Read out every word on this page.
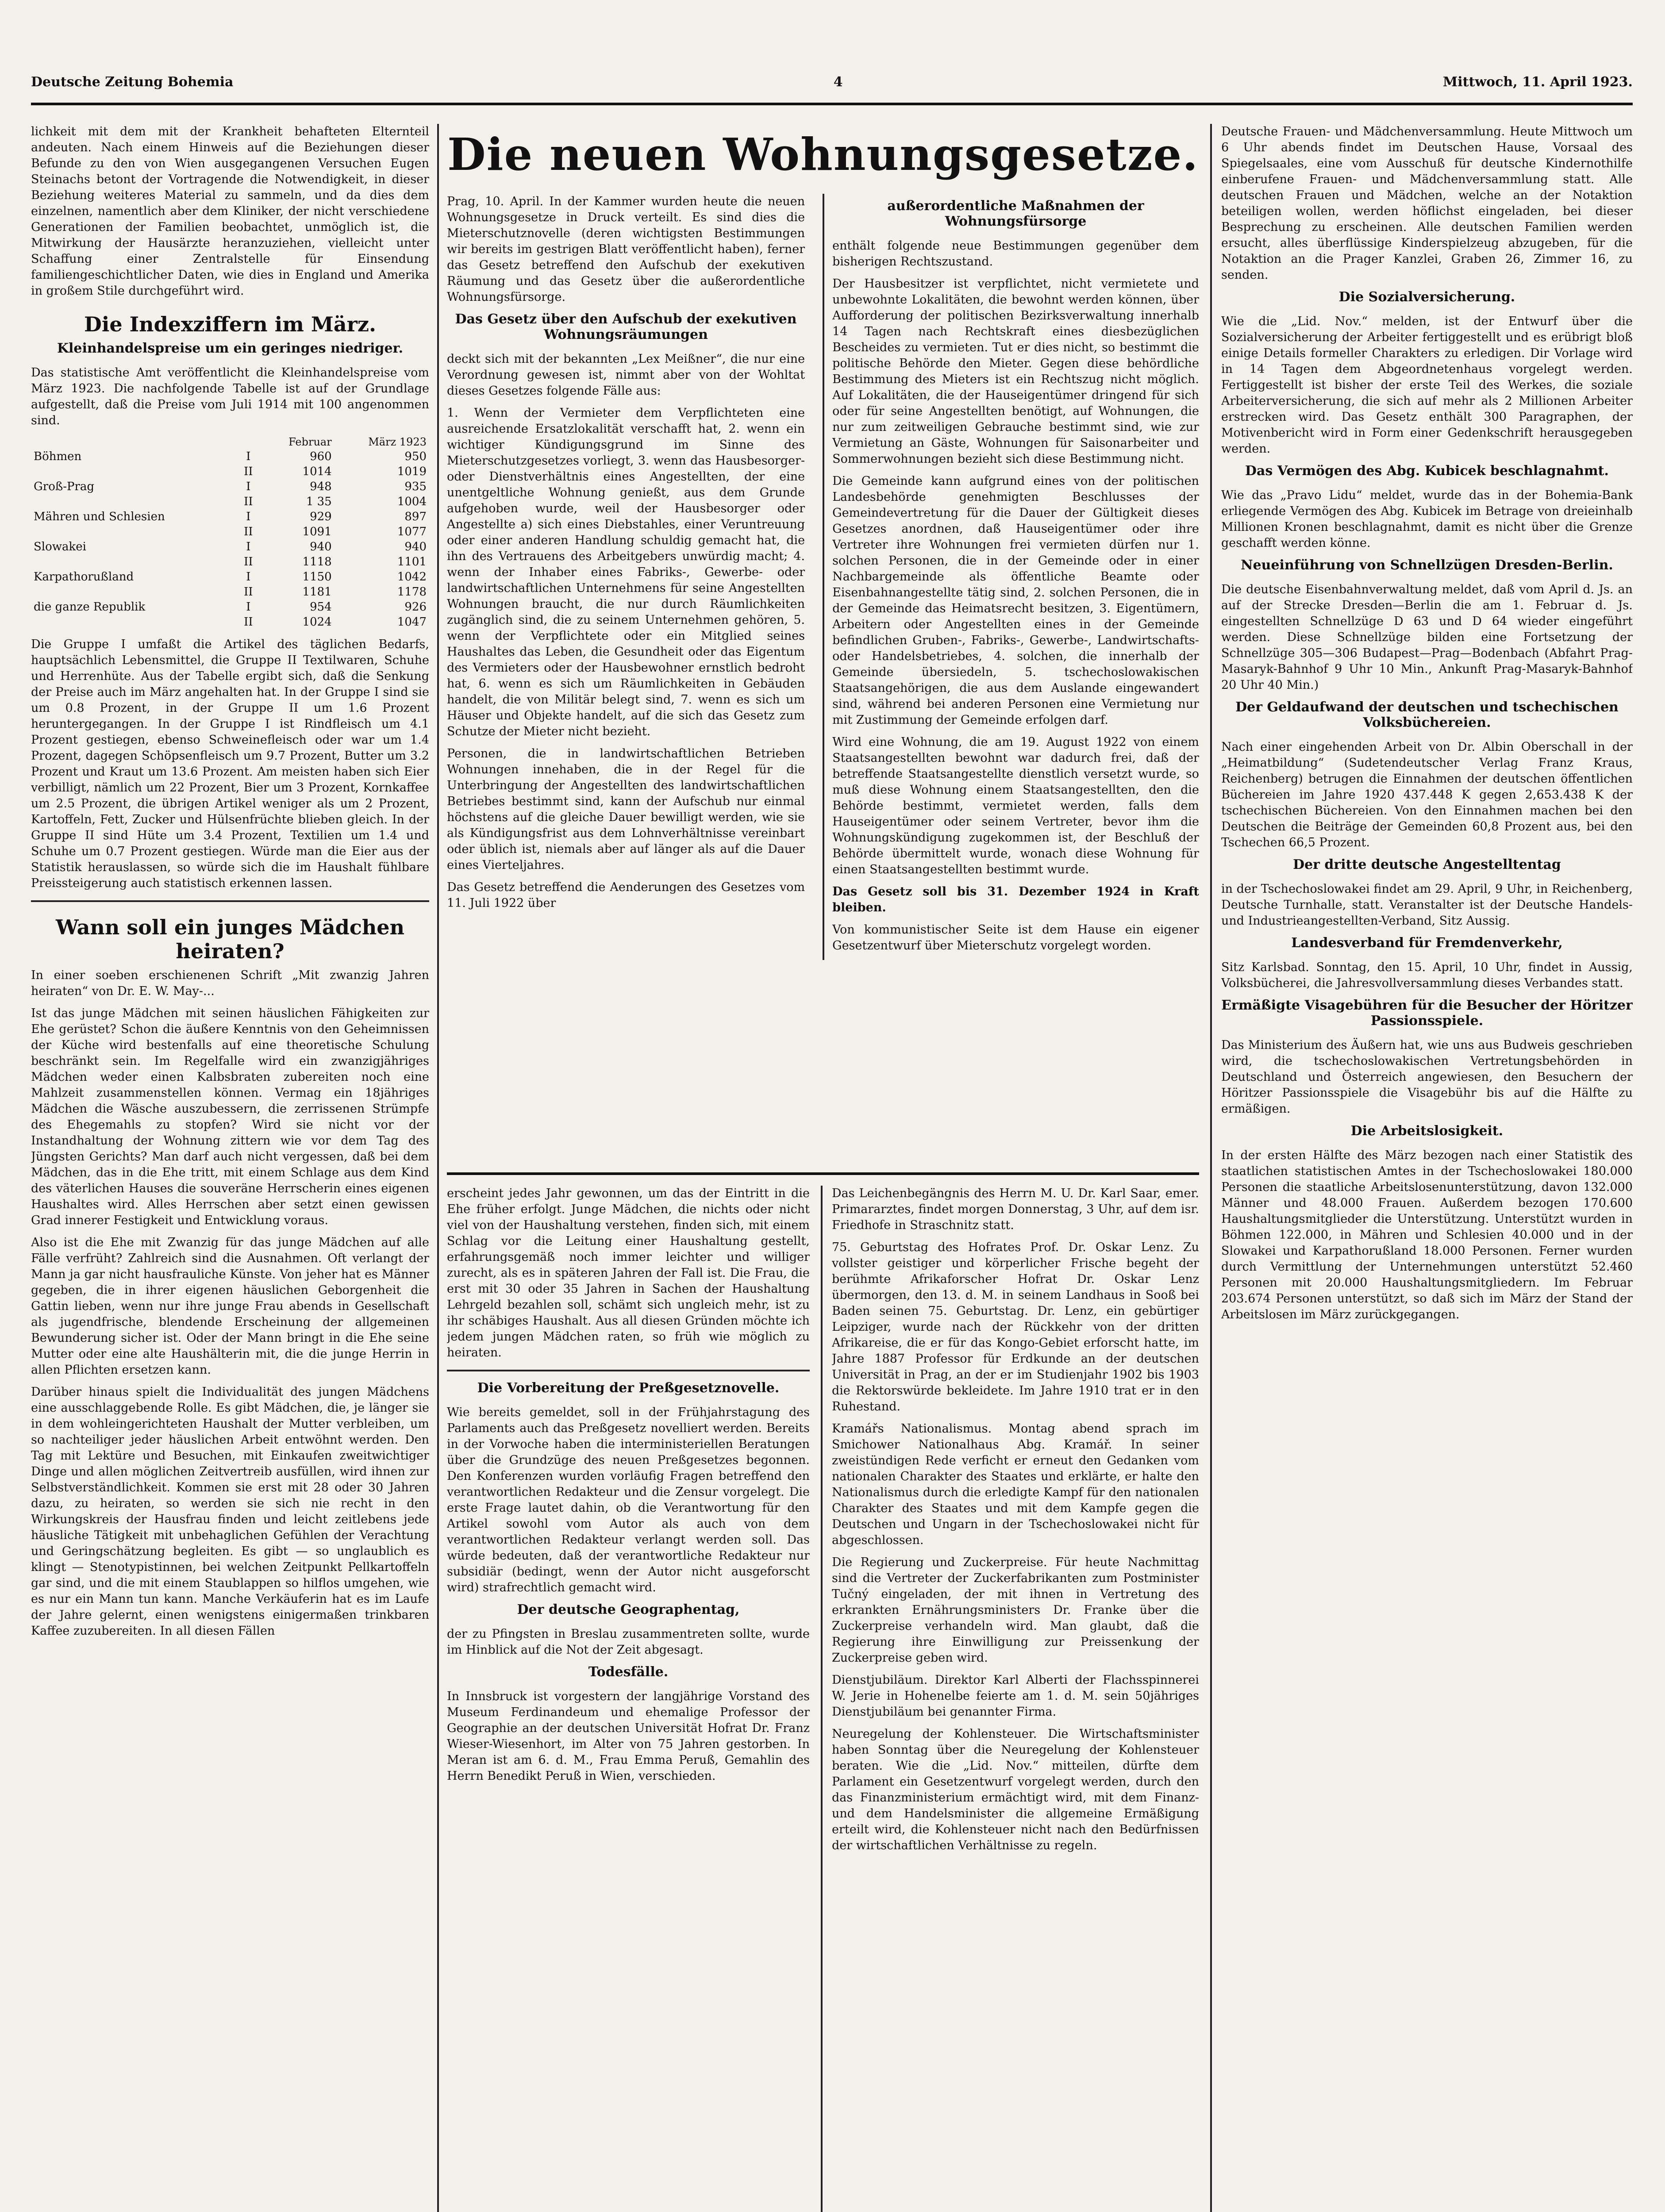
Deutsche Zeitung Bohemia	4	Mittwoch, 11. April 1923.

lichkeit mit dem mit der Krankheit behafteten Elternteil andeuten. Nach einem Hinweis auf die Beziehungen dieser Befunde zu den von Wien ausgegangenen Versuchen Eugen Steinachs betont der Vortragende die Notwendigkeit, in dieser Beziehung weiteres Material zu sammeln, und da dies dem einzelnen, namentlich aber dem Kliniker, der nicht verschiedene Generationen der Familien beobachtet, unmöglich ist, die Mitwirkung der Hausärzte heranzuziehen, vielleicht unter Schaffung einer Zentralstelle für Einsendung familiengeschichtlicher Daten, wie dies in England und Amerika in großem Stile durchgeführt wird.

Die Indexziffern im März.
Kleinhandelspreise um ein geringes niedriger.

Das statistische Amt veröffentlicht die Kleinhandelspreise vom März 1923. Die nachfolgende Tabelle ist auf der Grundlage aufgestellt, daß die Preise vom Juli 1914 mit 100 angenommen sind.

		Februar	März 1923
Böhmen	I	960	950
	II	1014	1019
Groß-Prag	I	948	935
	II	1 35	1004
Mähren und Schlesien	I	929	897
	II	1091	1077
Slowakei	I	940	940
	II	1118	1101
Karpathorußland	I	1150	1042
	II	1181	1178
die ganze Republik	I	954	926
	II	1024	1047

Die Gruppe I umfaßt die Artikel des täglichen Bedarfs, hauptsächlich Lebensmittel, die Gruppe II Textilwaren, Schuhe und Herrenhüte. Aus der Tabelle ergibt sich, daß die Senkung der Preise auch im März angehalten hat. In der Gruppe I sind sie um 0.8 Prozent, in der Gruppe II um 1.6 Prozent heruntergegangen. In der Gruppe I ist Rindfleisch um 4.1 Prozent gestiegen, ebenso Schweinefleisch oder war um 1.4 Prozent, dagegen Schöpsenfleisch um 9.7 Prozent, Butter um 3.2 Prozent und Kraut um 13.6 Prozent. Am meisten haben sich Eier verbilligt, nämlich um 22 Prozent, Bier um 3 Prozent, Kornkaffee um 2.5 Prozent, die übrigen Artikel weniger als um 2 Prozent, Kartoffeln, Fett, Zucker und Hülsenfrüchte blieben gleich. In der Gruppe II sind Hüte um 3.4 Prozent, Textilien um 1.4 und Schuhe um 0.7 Prozent gestiegen. Würde man die Eier aus der Statistik herauslassen, so würde sich die im Haushalt fühlbare Preissteigerung auch statistisch erkennen lassen.

Wann soll ein junges Mädchen heiraten?

In einer soeben erschienenen Schrift „Mit zwanzig Jahren heiraten“ von Dr. E. W. May-...

Ist das junge Mädchen mit seinen häuslichen Fähigkeiten zur Ehe gerüstet? Schon die äußere Kenntnis von den Geheimnissen der Küche wird bestenfalls auf eine theoretische Schulung beschränkt sein. Im Regelfalle wird ein zwanzigjähriges Mädchen weder einen Kalbsbraten zubereiten noch eine Mahlzeit zusammenstellen können. Vermag ein 18jähriges Mädchen die Wäsche auszubessern, die zerrissenen Strümpfe des Ehegemahls zu stopfen? Wird sie nicht vor der Instandhaltung der Wohnung zittern wie vor dem Tag des Jüngsten Gerichts? Man darf auch nicht vergessen, daß bei dem Mädchen, das in die Ehe tritt, mit einem Schlage aus dem Kind des väterlichen Hauses die souveräne Herrscherin eines eigenen Haushaltes wird. Alles Herrschen aber setzt einen gewissen Grad innerer Festigkeit und Entwicklung voraus.

Also ist die Ehe mit Zwanzig für das junge Mädchen auf alle Fälle verfrüht? Zahlreich sind die Ausnahmen. Oft verlangt der Mann ja gar nicht hausfrauliche Künste. Von jeher hat es Männer gegeben, die in ihrer eigenen häuslichen Geborgenheit die Gattin lieben, wenn nur ihre junge Frau abends in Gesellschaft als jugendfrische, blendende Erscheinung der allgemeinen Bewunderung sicher ist. Oder der Mann bringt in die Ehe seine Mutter oder eine alte Haushälterin mit, die die junge Herrin in allen Pflichten ersetzen kann.

Darüber hinaus spielt die Individualität des jungen Mädchens eine ausschlaggebende Rolle. Es gibt Mädchen, die, je länger sie in dem wohleingerichteten Haushalt der Mutter verbleiben, um so nachteiliger jeder häuslichen Arbeit entwöhnt werden. Den Tag mit Lektüre und Besuchen, mit Einkaufen zweitwichtiger Dinge und allen möglichen Zeitvertreib ausfüllen, wird ihnen zur Selbstverständlichkeit. Kommen sie erst mit 28 oder 30 Jahren dazu, zu heiraten, so werden sie sich nie recht in den Wirkungskreis der Hausfrau finden und leicht zeitlebens jede häusliche Tätigkeit mit unbehaglichen Gefühlen der Verachtung und Geringschätzung begleiten. Es gibt — so unglaublich es klingt — Stenotypistinnen, bei welchen Zeitpunkt Pellkartoffeln gar sind, und die mit einem Staublappen so hilflos umgehen, wie es nur ein Mann tun kann. Manche Verkäuferin hat es im Laufe der Jahre gelernt, einen wenigstens einigermaßen trinkbaren Kaffee zuzubereiten. In all diesen Fällen

Die neuen Wohnungsgesetze.

Prag, 10. April. In der Kammer wurden heute die neuen Wohnungsgesetze in Druck verteilt. Es sind dies die Mieterschutznovelle (deren wichtigsten Bestimmungen wir bereits im gestrigen Blatt veröffentlicht haben), ferner das Gesetz betreffend den Aufschub der exekutiven Räumung und das Gesetz über die außerordentliche Wohnungsfürsorge.

Das Gesetz über den Aufschub der exekutiven Wohnungsräumungen

deckt sich mit der bekannten „Lex Meißner“, die nur eine Verordnung gewesen ist, nimmt aber von der Wohltat dieses Gesetzes folgende Fälle aus:

1. Wenn der Vermieter dem Verpflichteten eine ausreichende Ersatzlokalität verschafft hat, 2. wenn ein wichtiger Kündigungsgrund im Sinne des Mieterschutzgesetzes vorliegt, 3. wenn das Hausbesorger- oder Dienstverhältnis eines Angestellten, der eine unentgeltliche Wohnung genießt, aus dem Grunde aufgehoben wurde, weil der Hausbesorger oder Angestellte a) sich eines Diebstahles, einer Veruntreuung oder einer anderen Handlung schuldig gemacht hat, die ihn des Vertrauens des Arbeitgebers unwürdig macht; 4. wenn der Inhaber eines Fabriks-, Gewerbe- oder landwirtschaftlichen Unternehmens für seine Angestellten Wohnungen braucht, die nur durch Räumlichkeiten zugänglich sind, die zu seinem Unternehmen gehören, 5. wenn der Verpflichtete oder ein Mitglied seines Haushaltes das Leben, die Gesundheit oder das Eigentum des Vermieters oder der Hausbewohner ernstlich bedroht hat, 6. wenn es sich um Räumlichkeiten in Gebäuden handelt, die von Militär belegt sind, 7. wenn es sich um Häuser und Objekte handelt, auf die sich das Gesetz zum Schutze der Mieter nicht bezieht.

Personen, die in landwirtschaftlichen Betrieben Wohnungen innehaben, die in der Regel für die Unterbringung der Angestellten des landwirtschaftlichen Betriebes bestimmt sind, kann der Aufschub nur einmal höchstens auf die gleiche Dauer bewilligt werden, wie sie als Kündigungsfrist aus dem Lohnverhältnisse vereinbart oder üblich ist, niemals aber auf länger als auf die Dauer eines Vierteljahres.

Das Gesetz betreffend die Aenderungen des Gesetzes vom 11. Juli 1922 über

außerordentliche Maßnahmen der Wohnungsfürsorge

enthält folgende neue Bestimmungen gegenüber dem bisherigen Rechtszustand.

Der Hausbesitzer ist verpflichtet, nicht vermietete und unbewohnte Lokalitäten, die bewohnt werden können, über Aufforderung der politischen Bezirksverwaltung innerhalb 14 Tagen nach Rechtskraft eines diesbezüglichen Bescheides zu vermieten. Tut er dies nicht, so bestimmt die politische Behörde den Mieter. Gegen diese behördliche Bestimmung des Mieters ist ein Rechtszug nicht möglich. Auf Lokalitäten, die der Hauseigentümer dringend für sich oder für seine Angestellten benötigt, auf Wohnungen, die nur zum zeitweiligen Gebrauche bestimmt sind, wie zur Vermietung an Gäste, Wohnungen für Saisonarbeiter und Sommerwohnungen bezieht sich diese Bestimmung nicht.

Die Gemeinde kann aufgrund eines von der politischen Landesbehörde genehmigten Beschlusses der Gemeindevertretung für die Dauer der Gültigkeit dieses Gesetzes anordnen, daß Hauseigentümer oder ihre Vertreter ihre Wohnungen frei vermieten dürfen nur 1. solchen Personen, die in der Gemeinde oder in einer Nachbargemeinde als öffentliche Beamte oder Eisenbahnangestellte tätig sind, 2. solchen Personen, die in der Gemeinde das Heimatsrecht besitzen, 3. Eigentümern, Arbeitern oder Angestellten eines in der Gemeinde befindlichen Gruben-, Fabriks-, Gewerbe-, Landwirtschafts- oder Handelsbetriebes, 4. solchen, die innerhalb der Gemeinde übersiedeln, 5. tschechoslowakischen Staatsangehörigen, die aus dem Auslande eingewandert sind, während bei anderen Personen eine Vermietung nur mit Zustimmung der Gemeinde erfolgen darf.

Wird eine Wohnung, die am 19. August 1922 von einem Staatsangestellten bewohnt war dadurch frei, daß der betreffende Staatsangestellte dienstlich versetzt wurde, so muß diese Wohnung einem Staatsangestellten, den die Behörde bestimmt, vermietet werden, falls dem Hauseigentümer oder seinem Vertreter, bevor ihm die Wohnungskündigung zugekommen ist, der Beschluß der Behörde übermittelt wurde, wonach diese Wohnung für einen Staatsangestellten bestimmt wurde.

Das Gesetz soll bis 31. Dezember 1924 in Kraft bleiben.

Von kommunistischer Seite ist dem Hause ein eigener Gesetzentwurf über Mieterschutz vorgelegt worden.

erscheint jedes Jahr gewonnen, um das der Eintritt in die Ehe früher erfolgt. Junge Mädchen, die nichts oder nicht viel von der Haushaltung verstehen, finden sich, mit einem Schlag vor die Leitung einer Haushaltung gestellt, erfahrungsgemäß noch immer leichter und williger zurecht, als es in späteren Jahren der Fall ist. Die Frau, die erst mit 30 oder 35 Jahren in Sachen der Haushaltung Lehrgeld bezahlen soll, schämt sich ungleich mehr, ist zu ihr schäbiges Haushalt. Aus all diesen Gründen möchte ich jedem jungen Mädchen raten, so früh wie möglich zu heiraten.

Die Vorbereitung der Preßgesetznovelle.

Wie bereits gemeldet, soll in der Frühjahrstagung des Parlaments auch das Preßgesetz novelliert werden. Bereits in der Vorwoche haben die interministeriellen Beratungen über die Grundzüge des neuen Preßgesetzes begonnen. Den Konferenzen wurden vorläufig Fragen betreffend den verantwortlichen Redakteur und die Zensur vorgelegt. Die erste Frage lautet dahin, ob die Verantwortung für den Artikel sowohl vom Autor als auch von dem verantwortlichen Redakteur verlangt werden soll. Das würde bedeuten, daß der verantwortliche Redakteur nur subsidiär (bedingt, wenn der Autor nicht ausgeforscht wird) strafrechtlich gemacht wird.

Der deutsche Geographentag,

der zu Pfingsten in Breslau zusammentreten sollte, wurde im Hinblick auf die Not der Zeit abgesagt.

Todesfälle.

In Innsbruck ist vorgestern der langjährige Vorstand des Museum Ferdinandeum und ehemalige Professor der Geographie an der deutschen Universität Hofrat Dr. Franz Wieser-Wiesenhort, im Alter von 75 Jahren gestorben. In Meran ist am 6. d. M., Frau Emma Peruß, Gemahlin des Herrn Benedikt Peruß in Wien, verschieden.

Das Leichenbegängnis des Herrn M. U. Dr. Karl Saar, emer. Primararztes, findet morgen Donnerstag, 3 Uhr, auf dem isr. Friedhofe in Straschnitz statt.

75. Geburtstag des Hofrates Prof. Dr. Oskar Lenz. Zu vollster geistiger und körperlicher Frische begeht der berühmte Afrikaforscher Hofrat Dr. Oskar Lenz übermorgen, den 13. d. M. in seinem Landhaus in Sooß bei Baden seinen 75. Geburtstag. Dr. Lenz, ein gebürtiger Leipziger, wurde nach der Rückkehr von der dritten Afrikareise, die er für das Kongo-Gebiet erforscht hatte, im Jahre 1887 Professor für Erdkunde an der deutschen Universität in Prag, an der er im Studienjahr 1902 bis 1903 die Rektorswürde bekleidete. Im Jahre 1910 trat er in den Ruhestand.

Kramářs Nationalismus. Montag abend sprach im Smichower Nationalhaus Abg. Kramář. In seiner zweistündigen Rede verficht er erneut den Gedanken vom nationalen Charakter des Staates und erklärte, er halte den Nationalismus durch die erledigte Kampf für den nationalen Charakter des Staates und mit dem Kampfe gegen die Deutschen und Ungarn in der Tschechoslowakei nicht für abgeschlossen.

Die Regierung und Zuckerpreise. Für heute Nachmittag sind die Vertreter der Zuckerfabrikanten zum Postminister Tučný eingeladen, der mit ihnen in Vertretung des erkrankten Ernährungsministers Dr. Franke über die Zuckerpreise verhandeln wird. Man glaubt, daß die Regierung ihre Einwilligung zur Preissenkung der Zuckerpreise geben wird.

Dienstjubiläum. Direktor Karl Alberti der Flachsspinnerei W. Jerie in Hohenelbe feierte am 1. d. M. sein 50jähriges Dienstjubiläum bei genannter Firma.

Neuregelung der Kohlensteuer. Die Wirtschaftsminister haben Sonntag über die Neuregelung der Kohlensteuer beraten. Wie die „Lid. Nov.“ mitteilen, dürfte dem Parlament ein Gesetzentwurf vorgelegt werden, durch den das Finanzministerium ermächtigt wird, mit dem Finanz- und dem Handelsminister die allgemeine Ermäßigung erteilt wird, die Kohlensteuer nicht nach den Bedürfnissen der wirtschaftlichen Verhältnisse zu regeln.

Deutsche Frauen- und Mädchenversammlung. Heute Mittwoch um 6 Uhr abends findet im Deutschen Hause, Vorsaal des Spiegelsaales, eine vom Ausschuß für deutsche Kindernothilfe einberufene Frauen- und Mädchenversammlung statt. Alle deutschen Frauen und Mädchen, welche an der Notaktion beteiligen wollen, werden höflichst eingeladen, bei dieser Besprechung zu erscheinen. Alle deutschen Familien werden ersucht, alles überflüssige Kinderspielzeug abzugeben, für die Notaktion an die Prager Kanzlei, Graben 26, Zimmer 16, zu senden.

Die Sozialversicherung.

Wie die „Lid. Nov.“ melden, ist der Entwurf über die Sozialversicherung der Arbeiter fertiggestellt und es erübrigt bloß einige Details formeller Charakters zu erledigen. Dir Vorlage wird in 14 Tagen dem Abgeordnetenhaus vorgelegt werden. Fertiggestellt ist bisher der erste Teil des Werkes, die soziale Arbeiterversicherung, die sich auf mehr als 2 Millionen Arbeiter erstrecken wird. Das Gesetz enthält 300 Paragraphen, der Motivenbericht wird in Form einer Gedenkschrift herausgegeben werden.

Das Vermögen des Abg. Kubicek beschlagnahmt.

Wie das „Pravo Lidu“ meldet, wurde das in der Bohemia-Bank erliegende Vermögen des Abg. Kubicek im Betrage von dreieinhalb Millionen Kronen beschlagnahmt, damit es nicht über die Grenze geschafft werden könne.

Neueinführung von Schnellzügen Dresden-Berlin.

Die deutsche Eisenbahnverwaltung meldet, daß vom April d. Js. an auf der Strecke Dresden—Berlin die am 1. Februar d. Js. eingestellten Schnellzüge D 63 und D 64 wieder eingeführt werden. Diese Schnellzüge bilden eine Fortsetzung der Schnellzüge 305—306 Budapest—Prag—Bodenbach (Abfahrt Prag-Masaryk-Bahnhof 9 Uhr 10 Min., Ankunft Prag-Masaryk-Bahnhof 20 Uhr 40 Min.)

Der Geldaufwand der deutschen und tschechischen Volksbüchereien.

Nach einer eingehenden Arbeit von Dr. Albin Oberschall in der „Heimatbildung“ (Sudetendeutscher Verlag Franz Kraus, Reichenberg) betrugen die Einnahmen der deutschen öffentlichen Büchereien im Jahre 1920 437.448 K gegen 2,653.438 K der tschechischen Büchereien. Von den Einnahmen machen bei den Deutschen die Beiträge der Gemeinden 60,8 Prozent aus, bei den Tschechen 66,5 Prozent.

Der dritte deutsche Angestelltentag

in der Tschechoslowakei findet am 29. April, 9 Uhr, in Reichenberg, Deutsche Turnhalle, statt. Veranstalter ist der Deutsche Handels- und Industrieangestellten-Verband, Sitz Aussig.

Landesverband für Fremdenverkehr,

Sitz Karlsbad. Sonntag, den 15. April, 10 Uhr, findet in Aussig, Volksbücherei, die Jahresvollversammlung dieses Verbandes statt.

Ermäßigte Visagebühren für die Besucher der Höritzer Passionsspiele.

Das Ministerium des Äußern hat, wie uns aus Budweis geschrieben wird, die tschechoslowakischen Vertretungsbehörden in Deutschland und Österreich angewiesen, den Besuchern der Höritzer Passionsspiele die Visagebühr bis auf die Hälfte zu ermäßigen.

Die Arbeitslosigkeit.

In der ersten Hälfte des März bezogen nach einer Statistik des staatlichen statistischen Amtes in der Tschechoslowakei 180.000 Personen die staatliche Arbeitslosenunterstützung, davon 132.000 Männer und 48.000 Frauen. Außerdem bezogen 170.600 Haushaltungsmitglieder die Unterstützung. Unterstützt wurden in Böhmen 122.000, in Mähren und Schlesien 40.000 und in der Slowakei und Karpathorußland 18.000 Personen. Ferner wurden durch Vermittlung der Unternehmungen unterstützt 52.460 Personen mit 20.000 Haushaltungsmitgliedern. Im Februar 203.674 Personen unterstützt, so daß sich im März der Stand der Arbeitslosen im März zurückgegangen.
